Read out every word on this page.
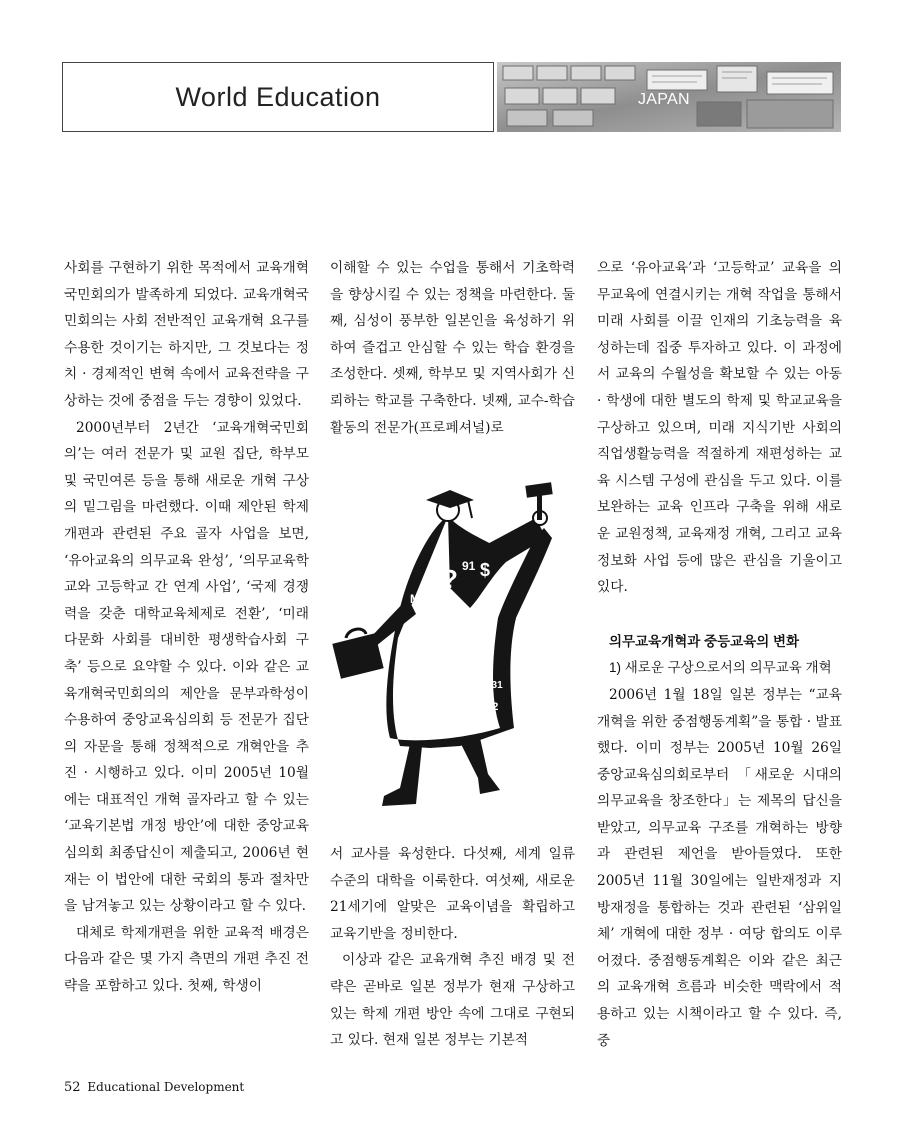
World Education	JAPAN

사회를 구현하기 위한 목적에서 교육개혁국민회의가 발족하게 되었다. 교육개혁국민회의는 사회 전반적인 교육개혁 요구를 수용한 것이기는 하지만, 그 것보다는 정치 · 경제적인 변혁 속에서 교육전략을 구상하는 것에 중점을 두는 경향이 있었다.

2000년부터 2년간 ‘교육개혁국민회의’는 여러 전문가 및 교원 집단, 학부모 및 국민여론 등을 통해 새로운 개혁 구상의 밑그림을 마련했다. 이때 제안된 학제 개편과 관련된 주요 골자 사업을 보면, ‘유아교육의 의무교육 완성’, ‘의무교육학교와 고등학교 간 연계 사업’, ‘국제 경쟁력을 갖춘 대학교육체제로 전환’, ‘미래 다문화 사회를 대비한 평생학습사회 구축’ 등으로 요약할 수 있다. 이와 같은 교육개혁국민회의의 제안을 문부과학성이 수용하여 중앙교육심의회 등 전문가 집단의 자문을 통해 정책적으로 개혁안을 추진 · 시행하고 있다. 이미 2005년 10월에는 대표적인 개혁 골자라고 할 수 있는 ‘교육기본법 개정 방안’에 대한 중앙교육심의회 최종답신이 제출되고, 2006년 현재는 이 법안에 대한 국회의 통과 절차만을 남겨놓고 있는 상황이라고 할 수 있다.

대체로 학제개편을 위한 교육적 배경은 다음과 같은 몇 가지 측면의 개편 추진 전략을 포함하고 있다. 첫째, 학생이

이해할 수 있는 수업을 통해서 기초학력을 향상시킬 수 있는 정책을 마련한다. 둘째, 심성이 풍부한 일본인을 육성하기 위하여 즐겁고 안심할 수 있는 학습 환경을 조성한다. 셋째, 학부모 및 지역사회가 신뢰하는 학교를 구축한다. 넷째, 교수-학습활동의 전문가(프로페셔널)로

? $
91
M
231.03
17
8.1222
188
12
$
?
+ 3 131
125
%
262
Y xo

서 교사를 육성한다. 다섯째, 세계 일류 수준의 대학을 이룩한다. 여섯째, 새로운 21세기에 알맞은 교육이념을 확립하고 교육기반을 정비한다.

이상과 같은 교육개혁 추진 배경 및 전략은 곧바로 일본 정부가 현재 구상하고 있는 학제 개편 방안 속에 그대로 구현되고 있다. 현재 일본 정부는 기본적

으로 ‘유아교육’과 ‘고등학교’ 교육을 의무교육에 연결시키는 개혁 작업을 통해서 미래 사회를 이끌 인재의 기초능력을 육성하는데 집중 투자하고 있다. 이 과정에서 교육의 수월성을 확보할 수 있는 아동 · 학생에 대한 별도의 학제 및 학교교육을 구상하고 있으며, 미래 지식기반 사회의 직업생활능력을 적절하게 재편성하는 교육 시스템 구성에 관심을 두고 있다. 이를 보완하는 교육 인프라 구축을 위해 새로운 교원정책, 교육재정 개혁, 그리고 교육정보화 사업 등에 많은 관심을 기울이고 있다.

의무교육개혁과 중등교육의 변화

1) 새로운 구상으로서의 의무교육 개혁

2006년 1월 18일 일본 정부는 “교육개혁을 위한 중점행동계획”을 통합 · 발표했다. 이미 정부는 2005년 10월 26일 중앙교육심의회로부터 「새로운 시대의 의무교육을 창조한다」는 제목의 답신을 받았고, 의무교육 구조를 개혁하는 방향과 관련된 제언을 받아들였다. 또한 2005년 11월 30일에는 일반재정과 지방재정을 통합하는 것과 관련된 ‘삼위일체’ 개혁에 대한 정부 · 여당 합의도 이루어졌다. 중점행동계획은 이와 같은 최근의 교육개혁 흐름과 비슷한 맥락에서 적용하고 있는 시책이라고 할 수 있다. 즉, 중

52 Educational Development
